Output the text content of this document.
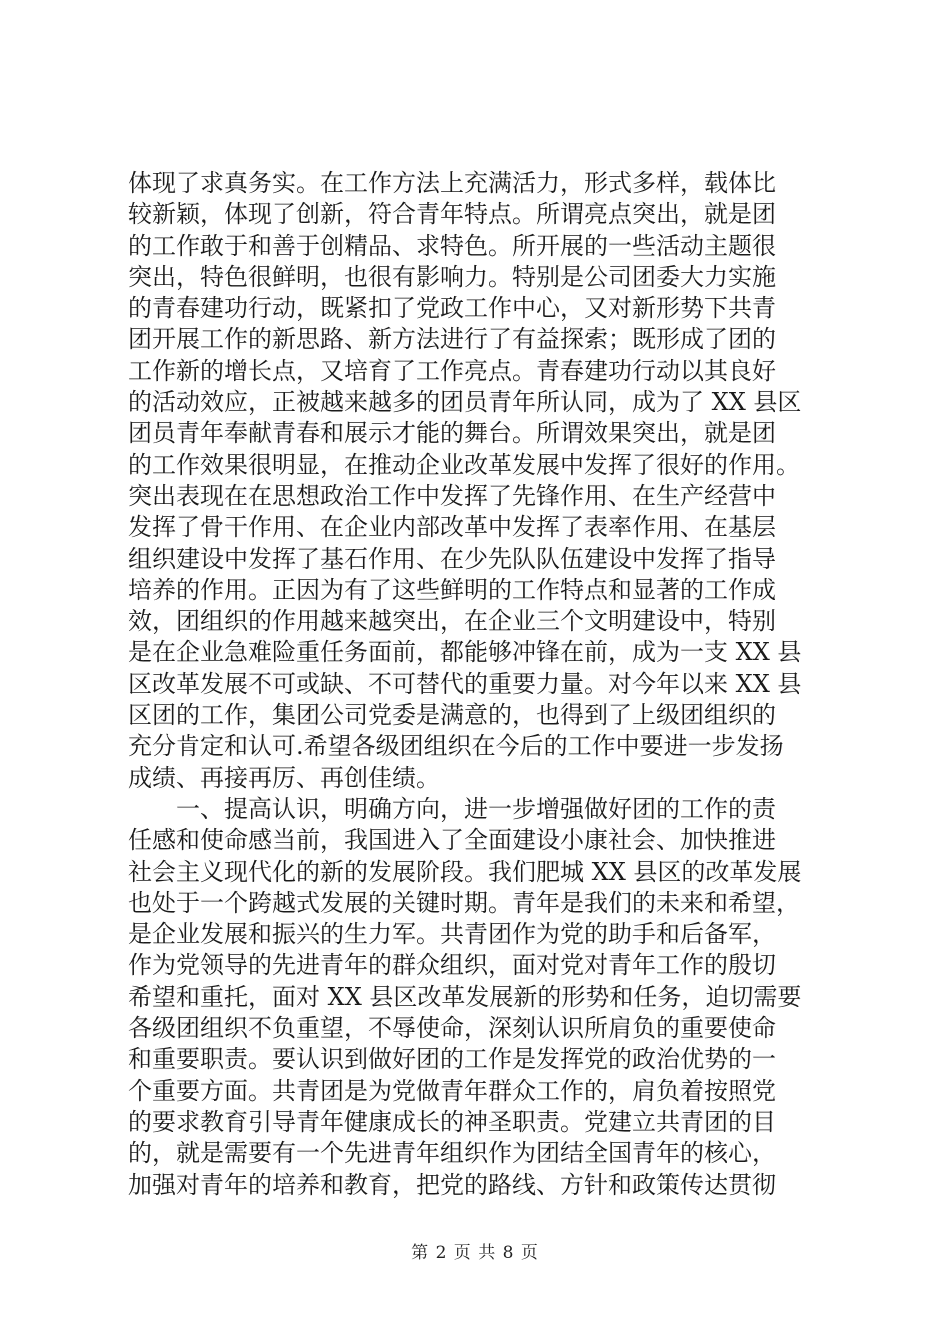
体现了求真务实。在工作方法上充满活力，形式多样，载体比
较新颖，体现了创新，符合青年特点。所谓亮点突出，就是团
的工作敢于和善于创精品、求特色。所开展的一些活动主题很
突出，特色很鲜明，也很有影响力。特别是公司团委大力实施
的青春建功行动，既紧扣了党政工作中心，又对新形势下共青
团开展工作的新思路、新方法进行了有益探索；既形成了团的
工作新的增长点，又培育了工作亮点。青春建功行动以其良好
的活动效应，正被越来越多的团员青年所认同，成为了 XX 县区
团员青年奉献青春和展示才能的舞台。所谓效果突出，就是团
的工作效果很明显，在推动企业改革发展中发挥了很好的作用。
突出表现在在思想政治工作中发挥了先锋作用、在生产经营中
发挥了骨干作用、在企业内部改革中发挥了表率作用、在基层
组织建设中发挥了基石作用、在少先队队伍建设中发挥了指导
培养的作用。正因为有了这些鲜明的工作特点和显著的工作成
效，团组织的作用越来越突出，在企业三个文明建设中，特别
是在企业急难险重任务面前，都能够冲锋在前，成为一支 XX 县
区改革发展不可或缺、不可替代的重要力量。对今年以来 XX 县
区团的工作，集团公司党委是满意的，也得到了上级团组织的
充分肯定和认可.希望各级团组织在今后的工作中要进一步发扬
成绩、再接再厉、再创佳绩。
　　一、提高认识，明确方向，进一步增强做好团的工作的责
任感和使命感当前，我国进入了全面建设小康社会、加快推进
社会主义现代化的新的发展阶段。我们肥城 XX 县区的改革发展
也处于一个跨越式发展的关键时期。青年是我们的未来和希望，
是企业发展和振兴的生力军。共青团作为党的助手和后备军，
作为党领导的先进青年的群众组织，面对党对青年工作的殷切
希望和重托，面对 XX 县区改革发展新的形势和任务，迫切需要
各级团组织不负重望，不辱使命，深刻认识所肩负的重要使命
和重要职责。要认识到做好团的工作是发挥党的政治优势的一
个重要方面。共青团是为党做青年群众工作的，肩负着按照党
的要求教育引导青年健康成长的神圣职责。党建立共青团的目
的，就是需要有一个先进青年组织作为团结全国青年的核心，
加强对青年的培养和教育，把党的路线、方针和政策传达贯彻
第 2 页 共 8 页
